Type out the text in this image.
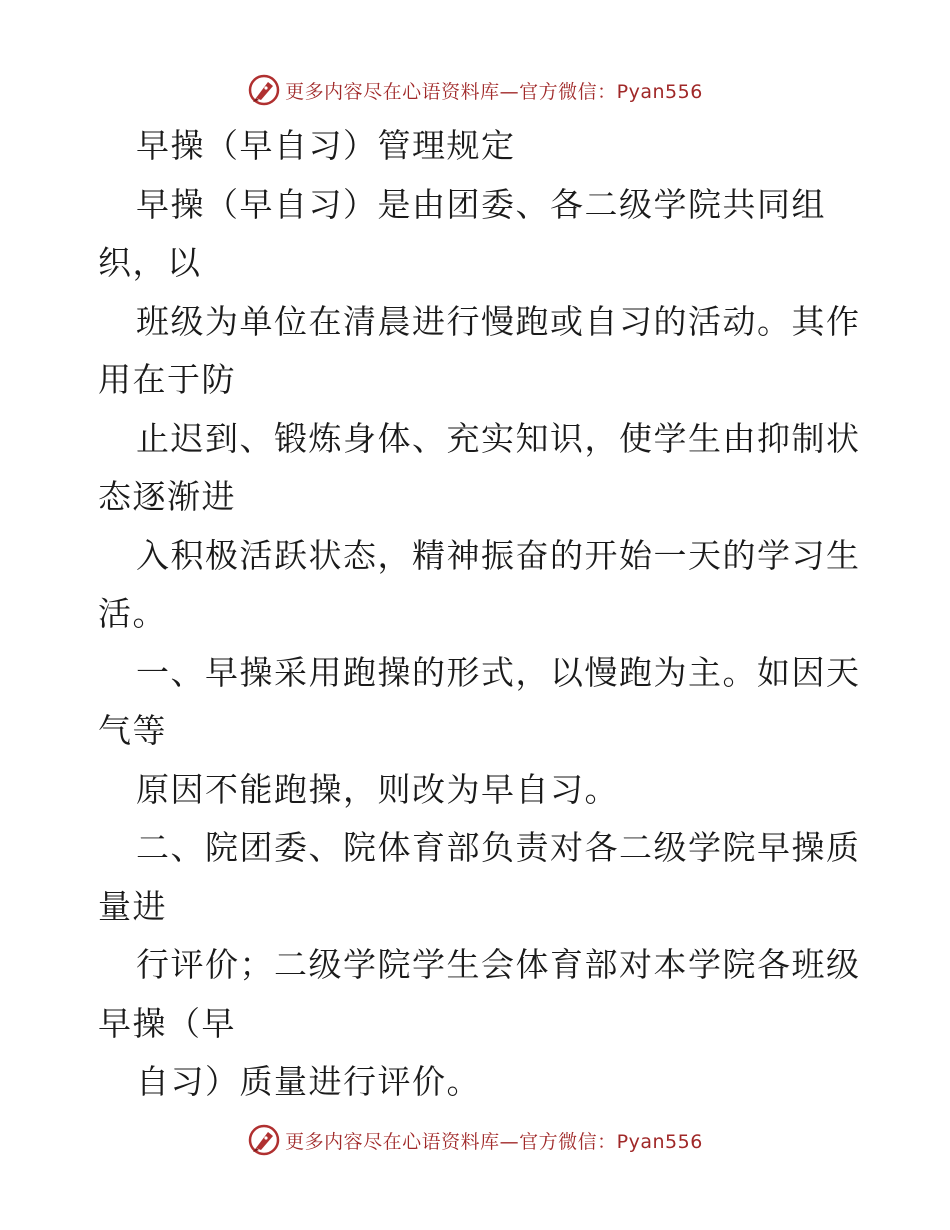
更多内容尽在心语资料库—官方微信：Pyan556
早操（早自习）管理规定
早操（早自习）是由团委、各二级学院共同组
织，以
班级为单位在清晨进行慢跑或自习的活动。其作
用在于防
止迟到、锻炼身体、充实知识，使学生由抑制状
态逐渐进
入积极活跃状态，精神振奋的开始一天的学习生
活。
一、早操采用跑操的形式，以慢跑为主。如因天
气等
原因不能跑操，则改为早自习。
二、院团委、院体育部负责对各二级学院早操质
量进
行评价；二级学院学生会体育部对本学院各班级
早操（早
自习）质量进行评价。
更多内容尽在心语资料库—官方微信：Pyan556
